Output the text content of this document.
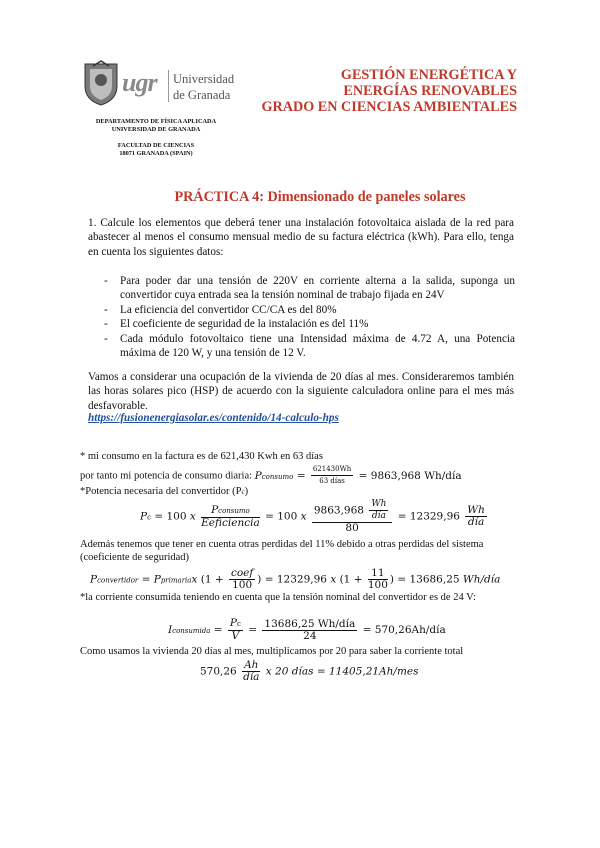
ugr Universidad
de Granada
DEPARTAMENTO DE FÍSICA APLICADA
UNIVERSIDAD DE GRANADA
FACULTAD DE CIENCIAS
18071 GRANADA (SPAIN)
GESTIÓN ENERGÉTICA Y
ENERGÍAS RENOVABLES
GRADO EN CIENCIAS AMBIENTALES
PRÁCTICA 4: Dimensionado de paneles solares
1. Calcule los elementos que deberá tener una instalación fotovoltaica aislada de la red para abastecer al menos el consumo mensual medio de su factura eléctrica (kWh). Para ello, tenga en cuenta los siguientes datos:
- Para poder dar una tensión de 220V en corriente alterna a la salida, suponga un convertidor cuya entrada sea la tensión nominal de trabajo fijada en 24V
- La eficiencia del convertidor CC/CA es del 80%
- El coeficiente de seguridad de la instalación es del 11%
- Cada módulo fotovoltaico tiene una Intensidad máxima de 4.72 A, una Potencia máxima de 120 W, y una tensión de 12 V.
Vamos a considerar una ocupación de la vivienda de 20 días al mes. Consideraremos también las horas solares pico (HSP) de acuerdo con la siguiente calculadora online para el mes más desfavorable.
https://fusionenergiasolar.es/contenido/14-calculo-hps
* mi consumo en la factura es de 621,430 Kwh en 63 días
por tanto mi potencia de consumo diaria: Pconsumo = $\frac{621430Wh}{\text{63 días}} = 9863,968$ Wh/día
*Potencia necesaria del convertidor (Pc)
Pc = 100 x $\frac{\text{Pconsumo}}{\text{Eeficiencia}} = 100$ x $\frac{9863,968 \frac{Wh}{\text{día}}}{80} = 12329,96 \frac{Wh}{\text{día}}$
Además tenemos que tener en cuenta otras perdidas del 11% debido a otras perdidas del sistema (coeficiente de seguridad)
Pconvertidor = Pprimariax ($1 + \frac{\text{coef}}{100}$ ) = 12329,96 x ($1 + \frac{11}{100}$ ) = 13686,25 Wh/día
*la corriente consumida teniendo en cuenta que la tensión nominal del convertidor es de 24 V:
Iconsumida = $\frac{Pc}{V} = \frac{\text{13686,25 Wh/día}}{24}$ = 570,26Ah/día
Como usamos la vivienda 20 días al mes, multiplicamos por 20 para saber la corriente total
$570,26 \frac{Ah}{\text{día}}$ x 20 días = 11405,21Ah/mes
